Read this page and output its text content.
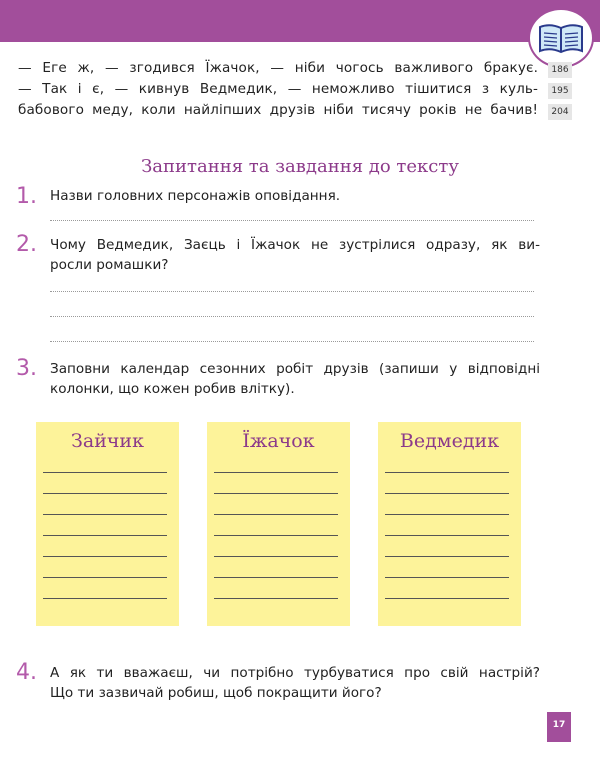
— Еге ж, — згодився Їжачок, — ніби чогось важливого бракує.	186
— Так і є, — кивнув Ведмедик, — неможливо тішитися з куль-	195
бабового меду, коли найліпших друзів ніби тисячу років не бачив!	204
Запитання та завдання до тексту
1. Назви головних персонажів оповідання.
2. Чому Ведмедик, Заєць і Їжачок не зустрілися одразу, як ви-
росли ромашки?
3. Заповни календар сезонних робіт друзів (запиши у відповідні
колонки, що кожен робив влітку).
Зайчик	Їжачок	Ведмедик
4. А як ти вважаєш, чи потрібно турбуватися про свій настрій?
Що ти зазвичай робиш, щоб покращити його?
17
